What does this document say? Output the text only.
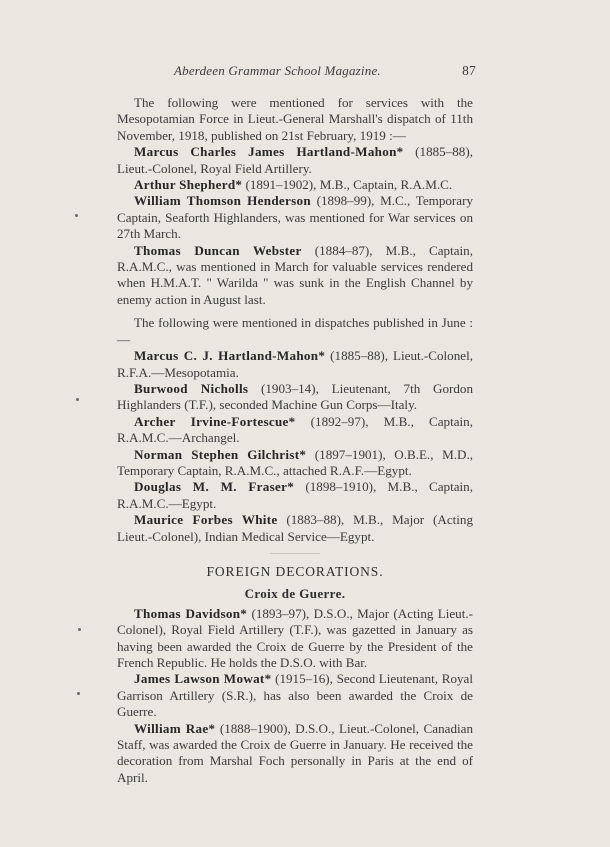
Aberdeen Grammar School Magazine.	87

The following were mentioned for services with the Mesopotamian Force in Lieut.-General Marshall's dispatch of 11th November, 1918, published on 21st February, 1919 :—

Marcus Charles James Hartland-Mahon* (1885–88), Lieut.-Colonel, Royal Field Artillery.

Arthur Shepherd* (1891–1902), M.B., Captain, R.A.M.C.

William Thomson Henderson (1898–99), M.C., Temporary Captain, Seaforth Highlanders, was mentioned for War services on 27th March.

Thomas Duncan Webster (1884–87), M.B., Captain, R.A.M.C., was mentioned in March for valuable services rendered when H.M.A.T. " Warilda " was sunk in the English Channel by enemy action in August last.

The following were mentioned in dispatches published in June :—

Marcus C. J. Hartland-Mahon* (1885–88), Lieut.-Colonel, R.F.A.—Mesopotamia.

Burwood Nicholls (1903–14), Lieutenant, 7th Gordon Highlanders (T.F.), seconded Machine Gun Corps—Italy.

Archer Irvine-Fortescue* (1892–97), M.B., Captain, R.A.M.C.—Archangel.

Norman Stephen Gilchrist* (1897–1901), O.B.E., M.D., Temporary Captain, R.A.M.C., attached R.A.F.—Egypt.

Douglas M. M. Fraser* (1898–1910), M.B., Captain, R.A.M.C.—Egypt.

Maurice Forbes White (1883–88), M.B., Major (Acting Lieut.-Colonel), Indian Medical Service—Egypt.

FOREIGN DECORATIONS.
Croix de Guerre.

Thomas Davidson* (1893–97), D.S.O., Major (Acting Lieut.-Colonel), Royal Field Artillery (T.F.), was gazetted in January as having been awarded the Croix de Guerre by the President of the French Republic. He holds the D.S.O. with Bar.

James Lawson Mowat* (1915–16), Second Lieutenant, Royal Garrison Artillery (S.R.), has also been awarded the Croix de Guerre.

William Rae* (1888–1900), D.S.O., Lieut.-Colonel, Canadian Staff, was awarded the Croix de Guerre in January. He received the decoration from Marshal Foch personally in Paris at the end of April.
